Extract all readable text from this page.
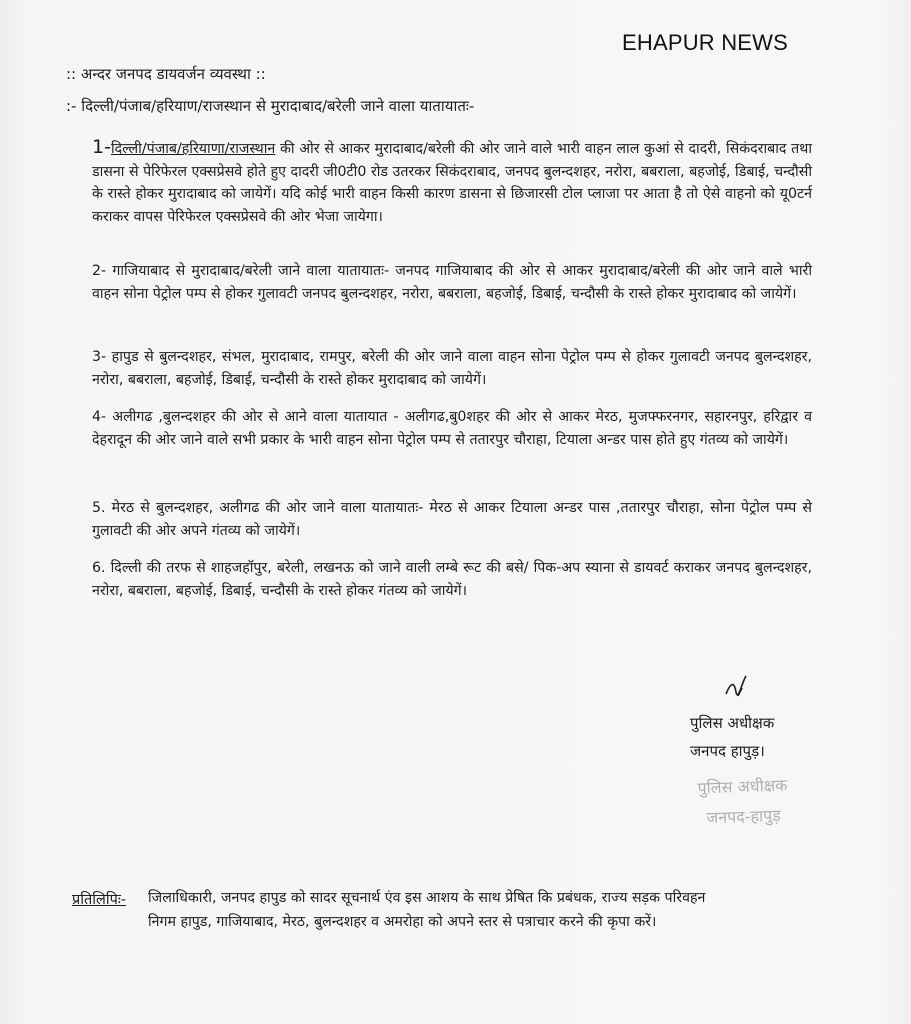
EHAPUR NEWS
:: अन्दर जनपद डायवर्जन व्यवस्था ::
:- दिल्ली/पंजाब/हरियाण/राजस्थान से मुरादाबाद/बरेली जाने वाला यातायातः-
1-दिल्ली/पंजाब/हरियाणा/राजस्थान की ओर से आकर मुरादाबाद/बरेली की ओर जाने वाले भारी वाहन लाल कुआं से दादरी, सिकंदराबाद तथा डासना से पेरिफेरल एक्सप्रेसवे होते हुए दादरी जी0टी0 रोड उतरकर सिकंदराबाद, जनपद बुलन्दशहर, नरोरा, बबराला, बहजोई, डिबाई, चन्दौसी के रास्ते होकर मुरादाबाद को जायेगें। यदि कोई भारी वाहन किसी कारण डासना से छिजारसी टोल प्लाजा पर आता है तो ऐसे वाहनो को यू0टर्न कराकर वापस पेरिफेरल एक्सप्रेसवे की ओर भेजा जायेगा।
2- गाजियाबाद से मुरादाबाद/बरेली जाने वाला यातायातः- जनपद गाजियाबाद की ओर से आकर मुरादाबाद/बरेली की ओर जाने वाले भारी वाहन सोना पेट्रोल पम्प से होकर गुलावटी जनपद बुलन्दशहर, नरोरा, बबराला, बहजोई, डिबाई, चन्दौसी के रास्ते होकर मुरादाबाद को जायेगें।
3- हापुड से बुलन्दशहर, संभल, मुरादाबाद, रामपुर, बरेली की ओर जाने वाला वाहन सोना पेट्रोल पम्प से होकर गुलावटी जनपद बुलन्दशहर, नरोरा, बबराला, बहजोई, डिबाई, चन्दौसी के रास्ते होकर मुरादाबाद को जायेगें।
4- अलीगढ ,बुलन्दशहर की ओर से आने वाला यातायात - अलीगढ,बु0शहर की ओर से आकर मेरठ, मुजफ्फरनगर, सहारनपुर, हरिद्वार व देहरादून की ओर जाने वाले सभी प्रकार के भारी वाहन सोना पेट्रोल पम्प से ततारपुर चौराहा, टियाला अन्डर पास होते हुए गंतव्य को जायेगें।
5. मेरठ से बुलन्दशहर, अलीगढ की ओर जाने वाला यातायातः- मेरठ से आकर टियाला अन्डर पास ,ततारपुर चौराहा, सोना पेट्रोल पम्प से गुलावटी की ओर अपने गंतव्य को जायेगें।
6. दिल्ली की तरफ से शाहजहॉपुर, बरेली, लखनऊ को जाने वाली लम्बे रूट की बसे/ पिक-अप स्याना से डायवर्ट कराकर जनपद बुलन्दशहर, नरोरा, बबराला, बहजोई, डिबाई, चन्दौसी के रास्ते होकर गंतव्य को जायेगें।
पुलिस अधीक्षक
जनपद हापुड़।
पुलिस अधीक्षक
जनपद-हापुड़
प्रतिलिपिः- जिलाधिकारी, जनपद हापुड को सादर सूचनार्थ एंव इस आशय के साथ प्रेषित कि प्रबंधक, राज्य सड़क परिवहन निगम हापुड, गाजियाबाद, मेरठ, बुलन्दशहर व अमरोहा को अपने स्तर से पत्राचार करने की कृपा करें।
